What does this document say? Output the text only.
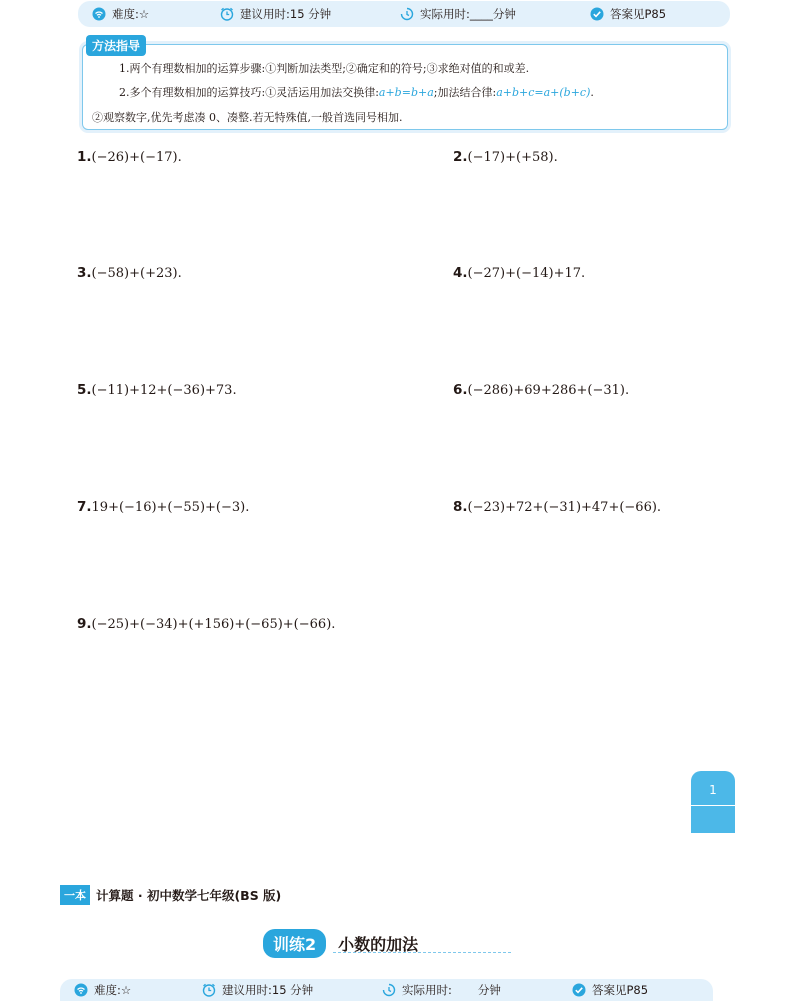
难度:☆	建议用时:15 分钟	实际用时:____分钟	答案见P85
方法指导
1.两个有理数相加的运算步骤:①判断加法类型;②确定和的符号;③求绝对值的和或差.
2.多个有理数相加的运算技巧:①灵活运用加法交换律:a+b=b+a;加法结合律:a+b+c=a+(b+c).
②观察数字,优先考虑凑 0、凑整.若无特殊值,一般首选同号相加.
1.(−26)+(−17).	2.(−17)+(+58).
3.(−58)+(+23).	4.(−27)+(−14)+17.
5.(−11)+12+(−36)+73.	6.(−286)+69+286+(−31).
7.19+(−16)+(−55)+(−3).	8.(−23)+72+(−31)+47+(−66).
9.(−25)+(−34)+(+156)+(−65)+(−66).
1
一本 计算题 · 初中数学七年级(BS 版)
训练2	小数的加法
难度:☆	建议用时:15 分钟	实际用时: 分钟	答案见P85
